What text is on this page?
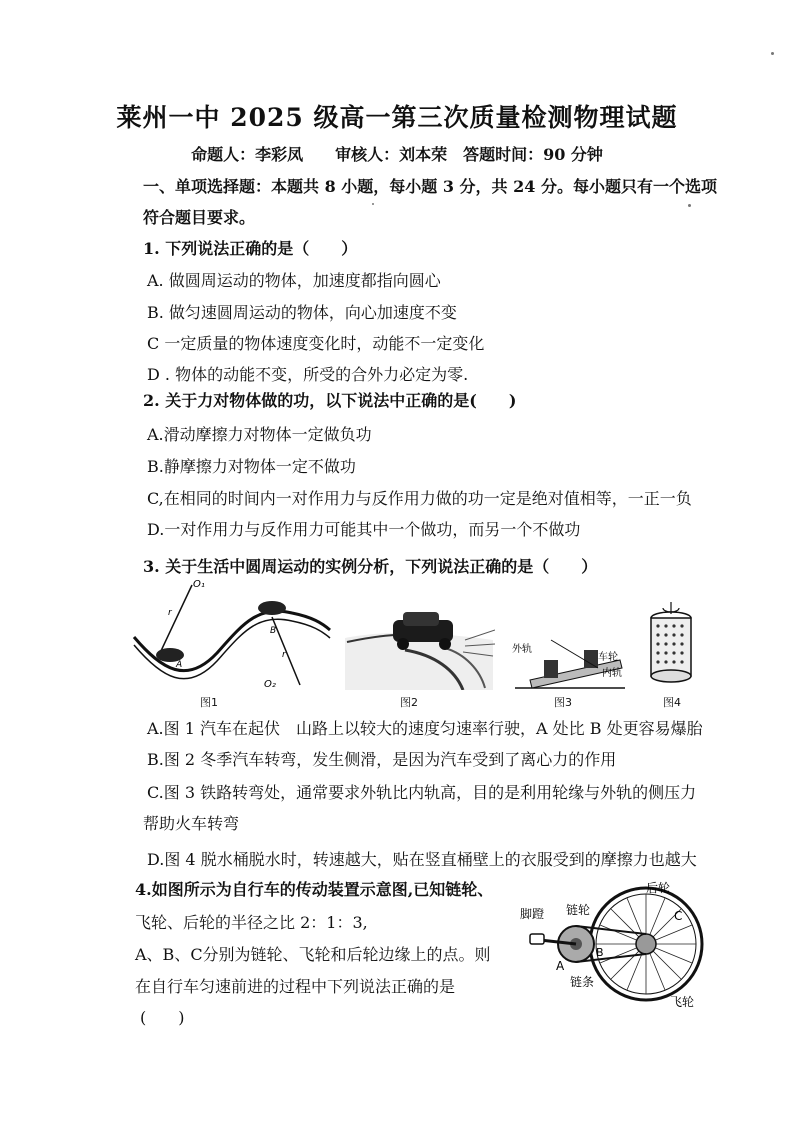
莱州一中 2025 级高一第三次质量检测物理试题
命题人：李彩凤　　审核人：刘本荣　答题时间：90 分钟
一、单项选择题：本题共 8 小题，每小题 3 分，共 24 分。每小题只有一个选项
符合题目要求。
1. 下列说法正确的是（　　）
A. 做圆周运动的物体，加速度都指向圆心
B. 做匀速圆周运动的物体，向心加速度不变
C 一定质量的物体速度变化时，动能不一定变化
D . 物体的动能不变，所受的合外力必定为零.
2. 关于力对物体做的功，以下说法中正确的是(　　)
A.滑动摩擦力对物体一定做负功
B.静摩擦力对物体一定不做功
C,在相同的时间内一对作用力与反作用力做的功一定是绝对值相等，一正一负
D.一对作用力与反作用力可能其中一个做功，而另一个不做功
3. 关于生活中圆周运动的实例分析，下列说法正确的是（　　）
O₁
O₂
A
B
r
r
图1	图2
外轨
车轮
内轨
图3	图4
A.图 1 汽车在起伏　山路上以较大的速度匀速率行驶，A 处比 B 处更容易爆胎
B.图 2 冬季汽车转弯，发生侧滑，是因为汽车受到了离心力的作用
C.图 3 铁路转弯处，通常要求外轨比内轨高，目的是利用轮缘与外轨的侧压力
帮助火车转弯
D.图 4 脱水桶脱水时，转速越大，贴在竖直桶壁上的衣服受到的摩擦力也越大
4.如图所示为自行车的传动装置示意图,已知链轮、
飞轮、后轮的半径之比 2：1：3,
A、B、C分别为链轮、飞轮和后轮边缘上的点。则
在自行车匀速前进的过程中下列说法正确的是
(　　)
脚蹬 链轮
后轮
链条
飞轮
A
B
C
